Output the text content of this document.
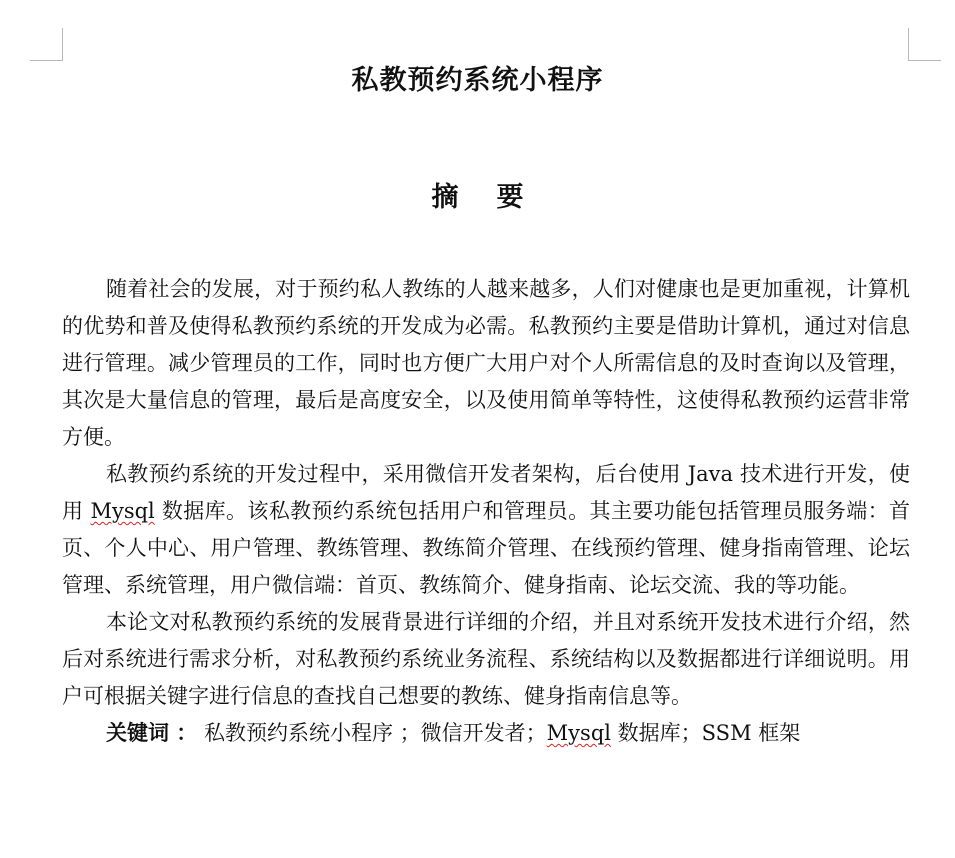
私教预约系统小程序
摘 要

随着社会的发展，对于预约私人教练的人越来越多，人们对健康也是更加重视，计算机的优势和普及使得私教预约系统的开发成为必需。私教预约主要是借助计算机，通过对信息进行管理。减少管理员的工作，同时也方便广大用户对个人所需信息的及时查询以及管理，其次是大量信息的管理，最后是高度安全，以及使用简单等特性，这使得私教预约运营非常方便。

私教预约系统的开发过程中，采用微信开发者架构，后台使用 Java 技术进行开发，使用 Mysql 数据库。该私教预约系统包括用户和管理员。其主要功能包括管理员服务端：首页、个人中心、用户管理、教练管理、教练简介管理、在线预约管理、健身指南管理、论坛管理、系统管理，用户微信端：首页、教练简介、健身指南、论坛交流、我的等功能。

本论文对私教预约系统的发展背景进行详细的介绍，并且对系统开发技术进行介绍，然后对系统进行需求分析，对私教预约系统业务流程、系统结构以及数据都进行详细说明。用户可根据关键字进行信息的查找自己想要的教练、健身指南信息等。

关键词 ： 私教预约系统小程序 ；微信开发者；Mysql 数据库；SSM 框架
